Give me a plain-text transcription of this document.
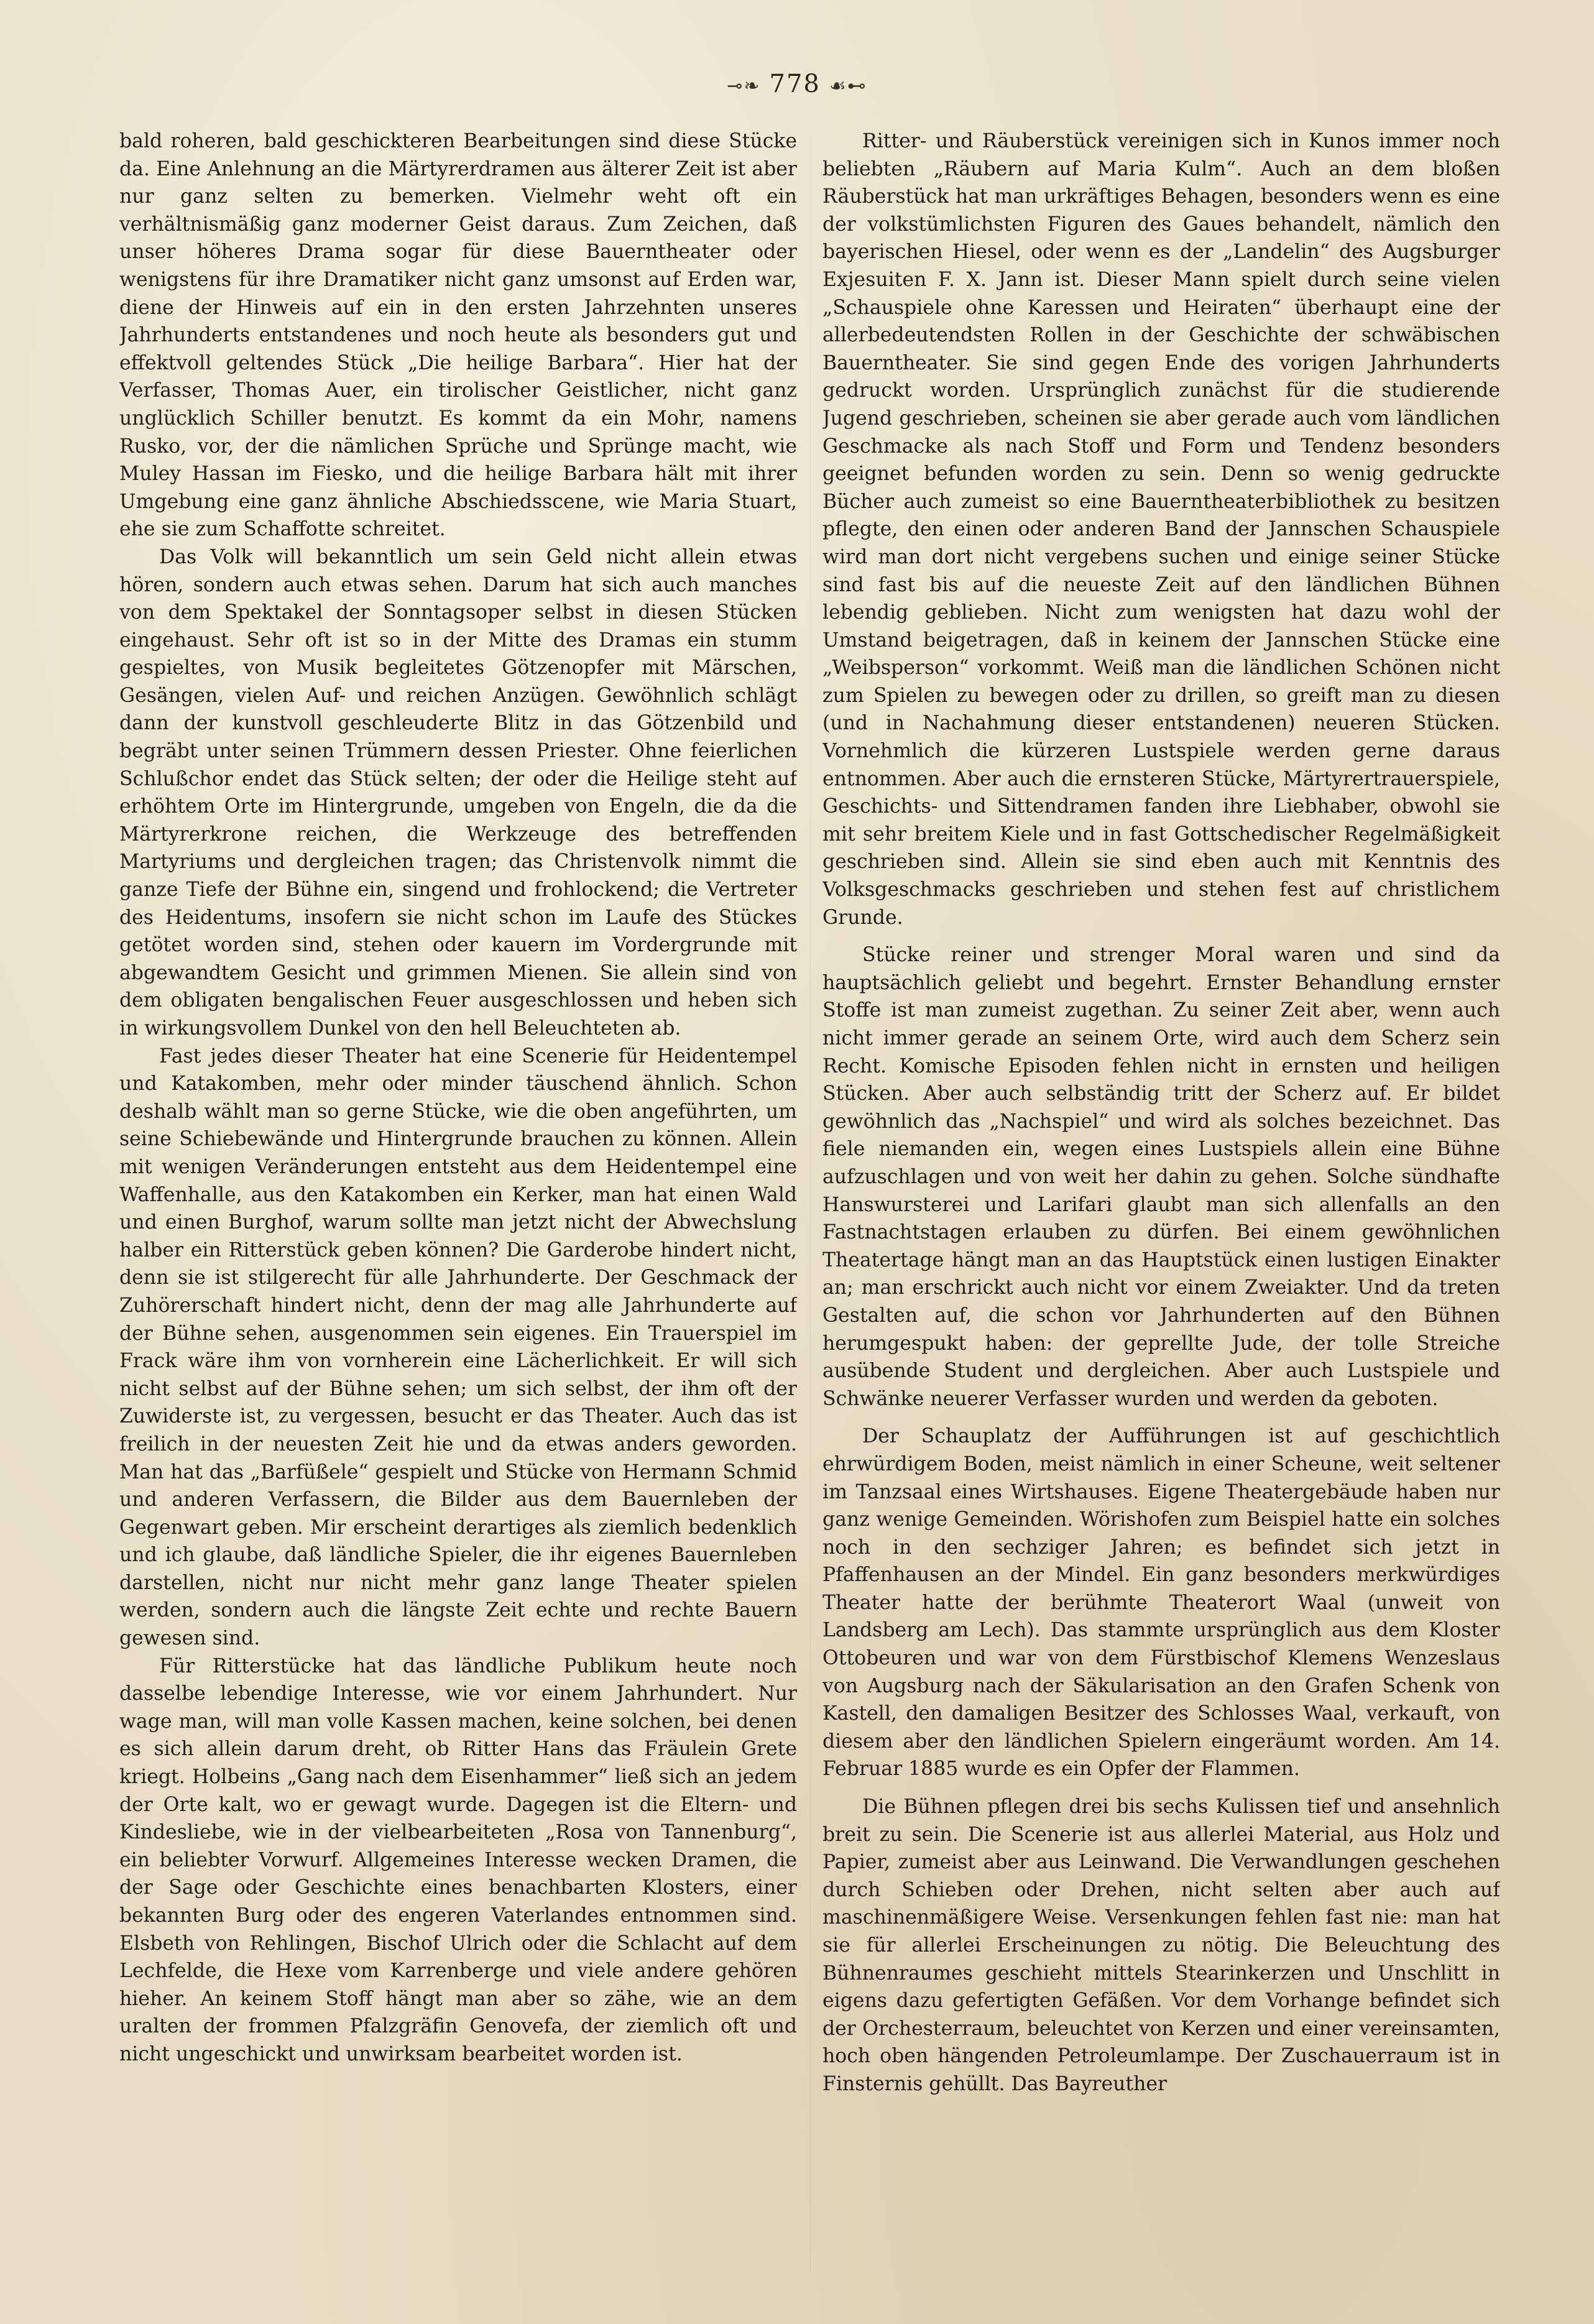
⊸❧ 778 ☙⊷

bald roheren, bald geschickteren Bearbeitungen sind diese Stücke da. Eine Anlehnung an die Märtyrerdramen aus älterer Zeit ist aber nur ganz selten zu bemerken. Vielmehr weht oft ein verhältnismäßig ganz moderner Geist daraus. Zum Zeichen, daß unser höheres Drama sogar für diese Bauerntheater oder wenigstens für ihre Dramatiker nicht ganz umsonst auf Erden war, diene der Hinweis auf ein in den ersten Jahrzehnten unseres Jahrhunderts entstandenes und noch heute als besonders gut und effektvoll geltendes Stück „Die heilige Barbara“. Hier hat der Verfasser, Thomas Auer, ein tirolischer Geistlicher, nicht ganz unglücklich Schiller benutzt. Es kommt da ein Mohr, namens Rusko, vor, der die nämlichen Sprüche und Sprünge macht, wie Muley Hassan im Fiesko, und die heilige Barbara hält mit ihrer Umgebung eine ganz ähnliche Abschiedsscene, wie Maria Stuart, ehe sie zum Schaffotte schreitet.

Das Volk will bekanntlich um sein Geld nicht allein etwas hören, sondern auch etwas sehen. Darum hat sich auch manches von dem Spektakel der Sonntagsoper selbst in diesen Stücken eingehaust. Sehr oft ist so in der Mitte des Dramas ein stumm gespieltes, von Musik begleitetes Götzenopfer mit Märschen, Gesängen, vielen Auf- und reichen Anzügen. Gewöhnlich schlägt dann der kunstvoll geschleuderte Blitz in das Götzenbild und begräbt unter seinen Trümmern dessen Priester. Ohne feierlichen Schlußchor endet das Stück selten; der oder die Heilige steht auf erhöhtem Orte im Hintergrunde, umgeben von Engeln, die da die Märtyrerkrone reichen, die Werkzeuge des betreffenden Martyriums und dergleichen tragen; das Christenvolk nimmt die ganze Tiefe der Bühne ein, singend und frohlockend; die Vertreter des Heidentums, insofern sie nicht schon im Laufe des Stückes getötet worden sind, stehen oder kauern im Vordergrunde mit abgewandtem Gesicht und grimmen Mienen. Sie allein sind von dem obligaten bengalischen Feuer ausgeschlossen und heben sich in wirkungsvollem Dunkel von den hell Beleuchteten ab.

Fast jedes dieser Theater hat eine Scenerie für Heidentempel und Katakomben, mehr oder minder täuschend ähnlich. Schon deshalb wählt man so gerne Stücke, wie die oben angeführten, um seine Schiebewände und Hintergrunde brauchen zu können. Allein mit wenigen Veränderungen entsteht aus dem Heidentempel eine Waffenhalle, aus den Katakomben ein Kerker, man hat einen Wald und einen Burghof, warum sollte man jetzt nicht der Abwechslung halber ein Ritterstück geben können? Die Garderobe hindert nicht, denn sie ist stilgerecht für alle Jahrhunderte. Der Geschmack der Zuhörerschaft hindert nicht, denn der mag alle Jahrhunderte auf der Bühne sehen, ausgenommen sein eigenes. Ein Trauerspiel im Frack wäre ihm von vornherein eine Lächerlichkeit. Er will sich nicht selbst auf der Bühne sehen; um sich selbst, der ihm oft der Zuwiderste ist, zu vergessen, besucht er das Theater. Auch das ist freilich in der neuesten Zeit hie und da etwas anders geworden. Man hat das „Barfüßele“ gespielt und Stücke von Hermann Schmid und anderen Verfassern, die Bilder aus dem Bauernleben der Gegenwart geben. Mir erscheint derartiges als ziemlich bedenklich und ich glaube, daß ländliche Spieler, die ihr eigenes Bauernleben darstellen, nicht nur nicht mehr ganz lange Theater spielen werden, sondern auch die längste Zeit echte und rechte Bauern gewesen sind.

Für Ritterstücke hat das ländliche Publikum heute noch dasselbe lebendige Interesse, wie vor einem Jahrhundert. Nur wage man, will man volle Kassen machen, keine solchen, bei denen es sich allein darum dreht, ob Ritter Hans das Fräulein Grete kriegt. Holbeins „Gang nach dem Eisenhammer“ ließ sich an jedem der Orte kalt, wo er gewagt wurde. Dagegen ist die Eltern- und Kindesliebe, wie in der vielbearbeiteten „Rosa von Tannenburg“, ein beliebter Vorwurf. Allgemeines Interesse wecken Dramen, die der Sage oder Geschichte eines benachbarten Klosters, einer bekannten Burg oder des engeren Vaterlandes entnommen sind. Elsbeth von Rehlingen, Bischof Ulrich oder die Schlacht auf dem Lechfelde, die Hexe vom Karrenberge und viele andere gehören hieher. An keinem Stoff hängt man aber so zähe, wie an dem uralten der frommen Pfalzgräfin Genovefa, der ziemlich oft und nicht ungeschickt und unwirksam bearbeitet worden ist.

Ritter- und Räuberstück vereinigen sich in Kunos immer noch beliebten „Räubern auf Maria Kulm“. Auch an dem bloßen Räuberstück hat man urkräftiges Behagen, besonders wenn es eine der volkstümlichsten Figuren des Gaues behandelt, nämlich den bayerischen Hiesel, oder wenn es der „Landelin“ des Augsburger Exjesuiten F. X. Jann ist. Dieser Mann spielt durch seine vielen „Schauspiele ohne Karessen und Heiraten“ überhaupt eine der allerbedeutendsten Rollen in der Geschichte der schwäbischen Bauerntheater. Sie sind gegen Ende des vorigen Jahrhunderts gedruckt worden. Ursprünglich zunächst für die studierende Jugend geschrieben, scheinen sie aber gerade auch vom ländlichen Geschmacke als nach Stoff und Form und Tendenz besonders geeignet befunden worden zu sein. Denn so wenig gedruckte Bücher auch zumeist so eine Bauerntheaterbibliothek zu besitzen pflegte, den einen oder anderen Band der Jannschen Schauspiele wird man dort nicht vergebens suchen und einige seiner Stücke sind fast bis auf die neueste Zeit auf den ländlichen Bühnen lebendig geblieben. Nicht zum wenigsten hat dazu wohl der Umstand beigetragen, daß in keinem der Jannschen Stücke eine „Weibsperson“ vorkommt. Weiß man die ländlichen Schönen nicht zum Spielen zu bewegen oder zu drillen, so greift man zu diesen (und in Nachahmung dieser entstandenen) neueren Stücken. Vornehmlich die kürzeren Lustspiele werden gerne daraus entnommen. Aber auch die ernsteren Stücke, Märtyrertrauerspiele, Geschichts- und Sittendramen fanden ihre Liebhaber, obwohl sie mit sehr breitem Kiele und in fast Gottschedischer Regelmäßigkeit geschrieben sind. Allein sie sind eben auch mit Kenntnis des Volksgeschmacks geschrieben und stehen fest auf christlichem Grunde.

Stücke reiner und strenger Moral waren und sind da hauptsächlich geliebt und begehrt. Ernster Behandlung ernster Stoffe ist man zumeist zugethan. Zu seiner Zeit aber, wenn auch nicht immer gerade an seinem Orte, wird auch dem Scherz sein Recht. Komische Episoden fehlen nicht in ernsten und heiligen Stücken. Aber auch selbständig tritt der Scherz auf. Er bildet gewöhnlich das „Nachspiel“ und wird als solches bezeichnet. Das fiele niemanden ein, wegen eines Lustspiels allein eine Bühne aufzuschlagen und von weit her dahin zu gehen. Solche sündhafte Hanswursterei und Larifari glaubt man sich allenfalls an den Fastnachtstagen erlauben zu dürfen. Bei einem gewöhnlichen Theatertage hängt man an das Hauptstück einen lustigen Einakter an; man erschrickt auch nicht vor einem Zweiakter. Und da treten Gestalten auf, die schon vor Jahrhunderten auf den Bühnen herumgespukt haben: der geprellte Jude, der tolle Streiche ausübende Student und dergleichen. Aber auch Lustspiele und Schwänke neuerer Verfasser wurden und werden da geboten.

Der Schauplatz der Aufführungen ist auf geschichtlich ehrwürdigem Boden, meist nämlich in einer Scheune, weit seltener im Tanzsaal eines Wirtshauses. Eigene Theatergebäude haben nur ganz wenige Gemeinden. Wörishofen zum Beispiel hatte ein solches noch in den sechziger Jahren; es befindet sich jetzt in Pfaffenhausen an der Mindel. Ein ganz besonders merkwürdiges Theater hatte der berühmte Theaterort Waal (unweit von Landsberg am Lech). Das stammte ursprünglich aus dem Kloster Ottobeuren und war von dem Fürstbischof Klemens Wenzeslaus von Augsburg nach der Säkularisation an den Grafen Schenk von Kastell, den damaligen Besitzer des Schlosses Waal, verkauft, von diesem aber den ländlichen Spielern eingeräumt worden. Am 14. Februar 1885 wurde es ein Opfer der Flammen.

Die Bühnen pflegen drei bis sechs Kulissen tief und ansehnlich breit zu sein. Die Scenerie ist aus allerlei Material, aus Holz und Papier, zumeist aber aus Leinwand. Die Verwandlungen geschehen durch Schieben oder Drehen, nicht selten aber auch auf maschinenmäßigere Weise. Versenkungen fehlen fast nie: man hat sie für allerlei Erscheinungen zu nötig. Die Beleuchtung des Bühnenraumes geschieht mittels Stearinkerzen und Unschlitt in eigens dazu gefertigten Gefäßen. Vor dem Vorhange befindet sich der Orchesterraum, beleuchtet von Kerzen und einer vereinsamten, hoch oben hängenden Petroleumlampe. Der Zuschauerraum ist in Finsternis gehüllt. Das Bayreuther
